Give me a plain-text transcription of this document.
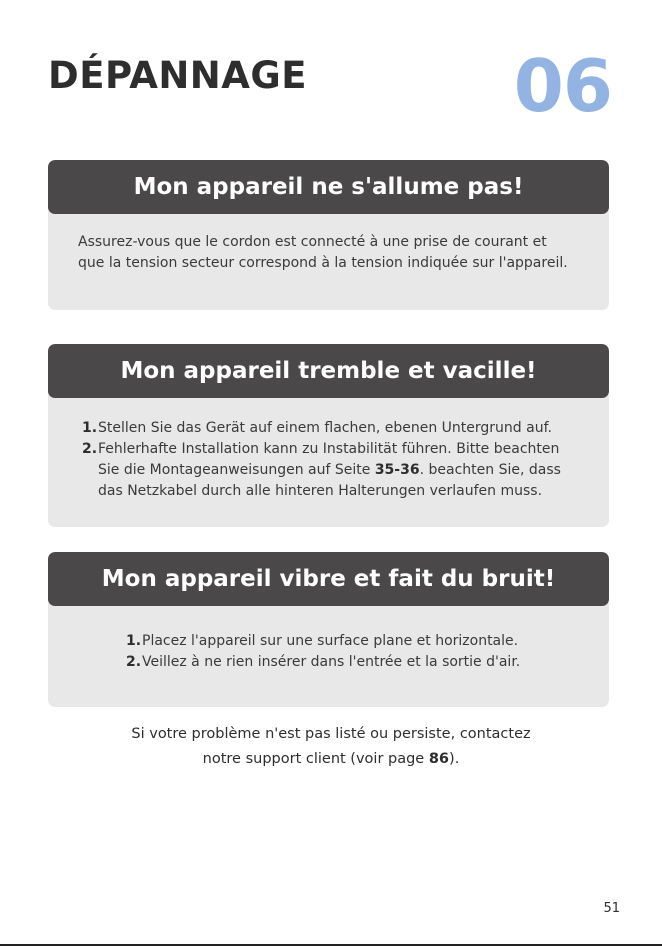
DÉPANNAGE	06
Mon appareil ne s'allume pas!
Assurez-vous que le cordon est connecté à une prise de courant et
que la tension secteur correspond à la tension indiquée sur l'appareil.
Mon appareil tremble et vacille!
1. Stellen Sie das Gerät auf einem flachen, ebenen Untergrund auf.
2. Fehlerhafte Installation kann zu Instabilität führen. Bitte beachten Sie die Montageanweisungen auf Seite 35-36. beachten Sie, dass das Netzkabel durch alle hinteren Halterungen verlaufen muss.
Mon appareil vibre et fait du bruit!
1. Placez l'appareil sur une surface plane et horizontale.
2. Veillez à ne rien insérer dans l'entrée et la sortie d'air.
Si votre problème n'est pas listé ou persiste, contactez
notre support client (voir page 86).
51
